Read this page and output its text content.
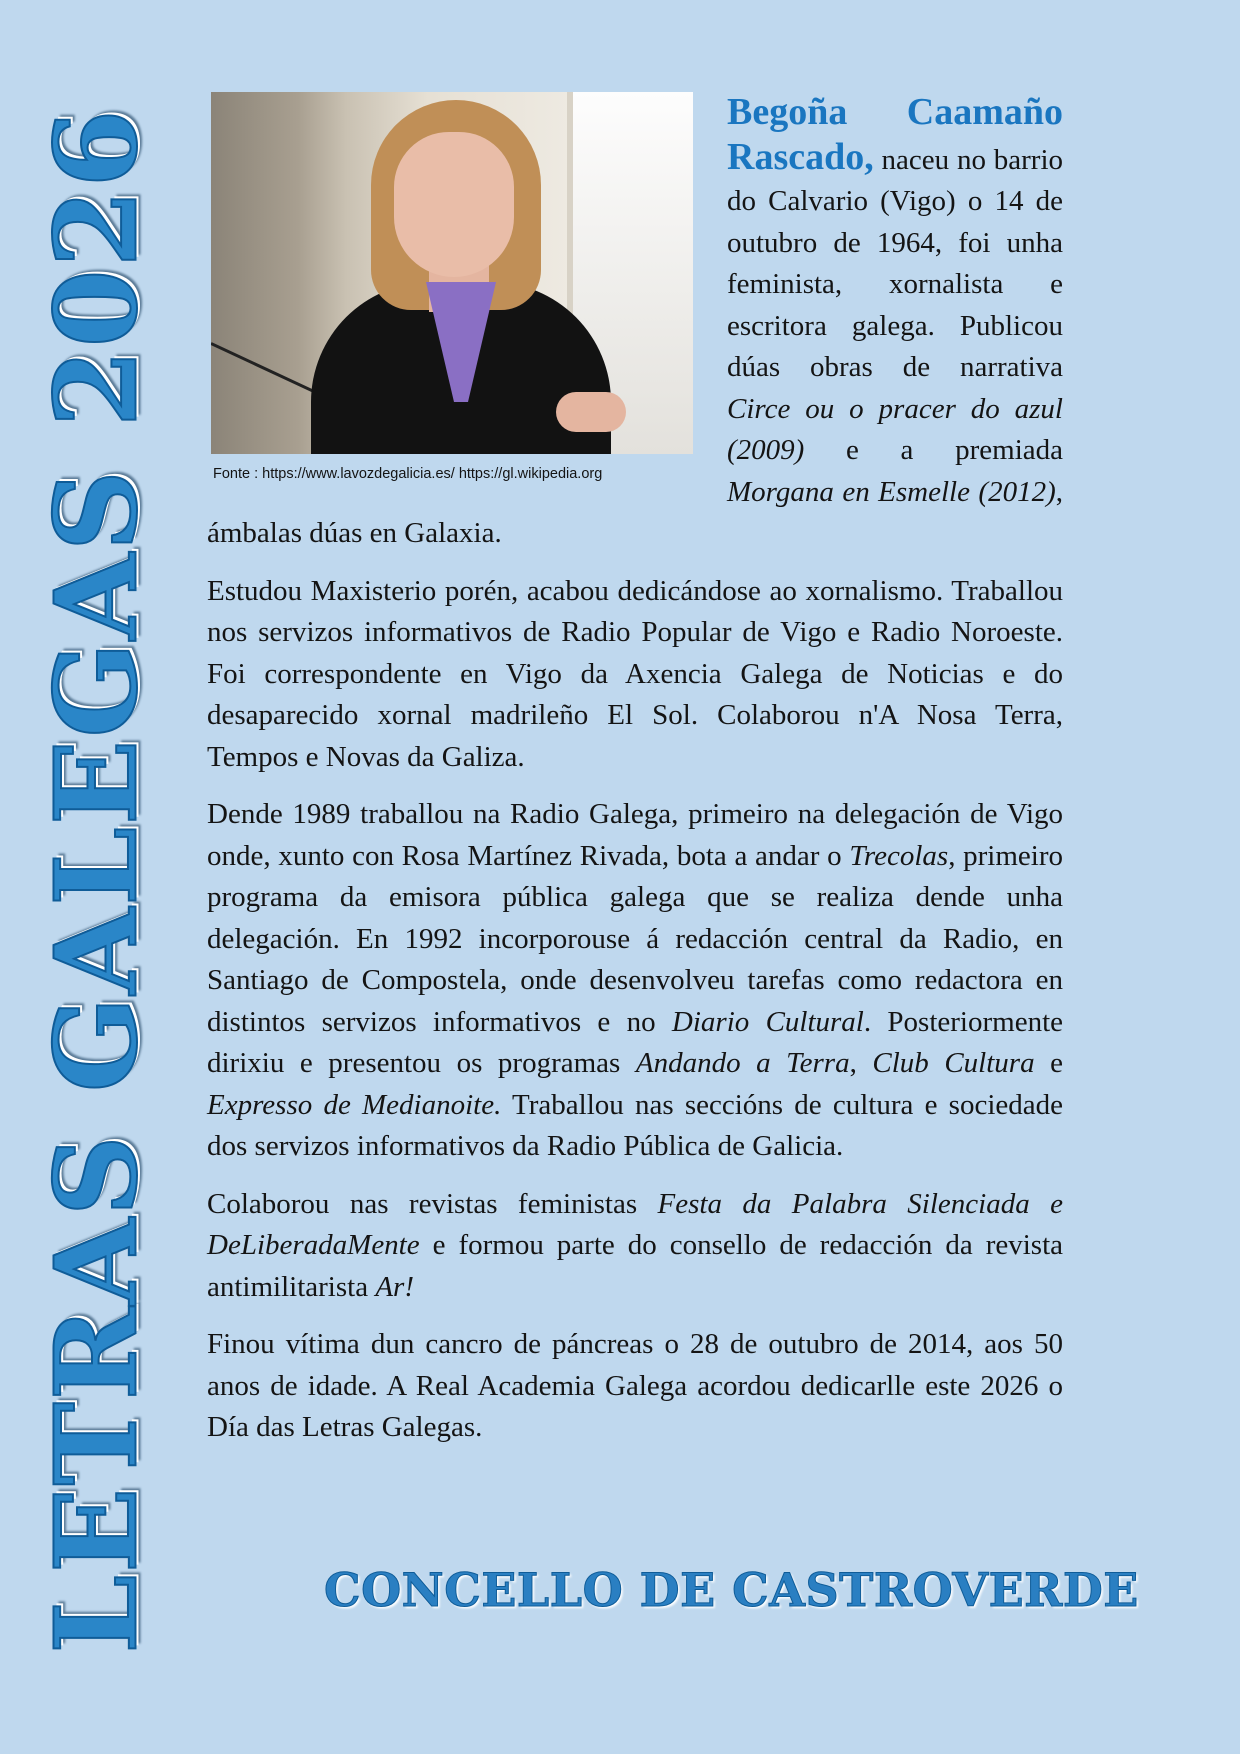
LETRAS GALEGAS 2026	Fonte : https://www.lavozdegalicia.es/ https://gl.wikipedia.org

Begoña Caamaño Rascado, naceu no barrio do Calvario (Vigo) o 14 de outubro de 1964, foi unha feminista, xornalista e escritora galega. Publicou dúas obras de narrativa Circe ou o pracer do azul (2009) e a premiada Morgana en Esmelle (2012), ámbalas dúas en Galaxia.

Estudou Maxisterio porén, acabou dedicándose ao xornalismo. Traballou nos servizos informativos de Radio Popular de Vigo e Radio Noroeste. Foi correspondente en Vigo da Axencia Galega de Noticias e do desaparecido xornal madrileño El Sol. Colaborou n'A Nosa Terra, Tempos e Novas da Galiza.

Dende 1989 traballou na Radio Galega, primeiro na delegación de Vigo onde, xunto con Rosa Martínez Rivada, bota a andar o Trecolas, primeiro programa da emisora pública galega que se realiza dende unha delegación. En 1992 incorporouse á redacción central da Radio, en Santiago de Compostela, onde desenvolveu tarefas como redactora en distintos servizos informativos e no Diario Cultural. Posteriormente dirixiu e presentou os programas Andando a Terra, Club Cultura e Expresso de Medianoite. Traballou nas seccións de cultura e sociedade dos servizos informativos da Radio Pública de Galicia.

Colaborou nas revistas feministas Festa da Palabra Silenciada e DeLiberadaMente e formou parte do consello de redacción da revista antimilitarista Ar!

Finou vítima dun cancro de páncreas o 28 de outubro de 2014, aos 50 anos de idade. A Real Academia Galega acordou dedicarlle este 2026 o Día das Letras Galegas.

CONCELLO DE CASTROVERDE
